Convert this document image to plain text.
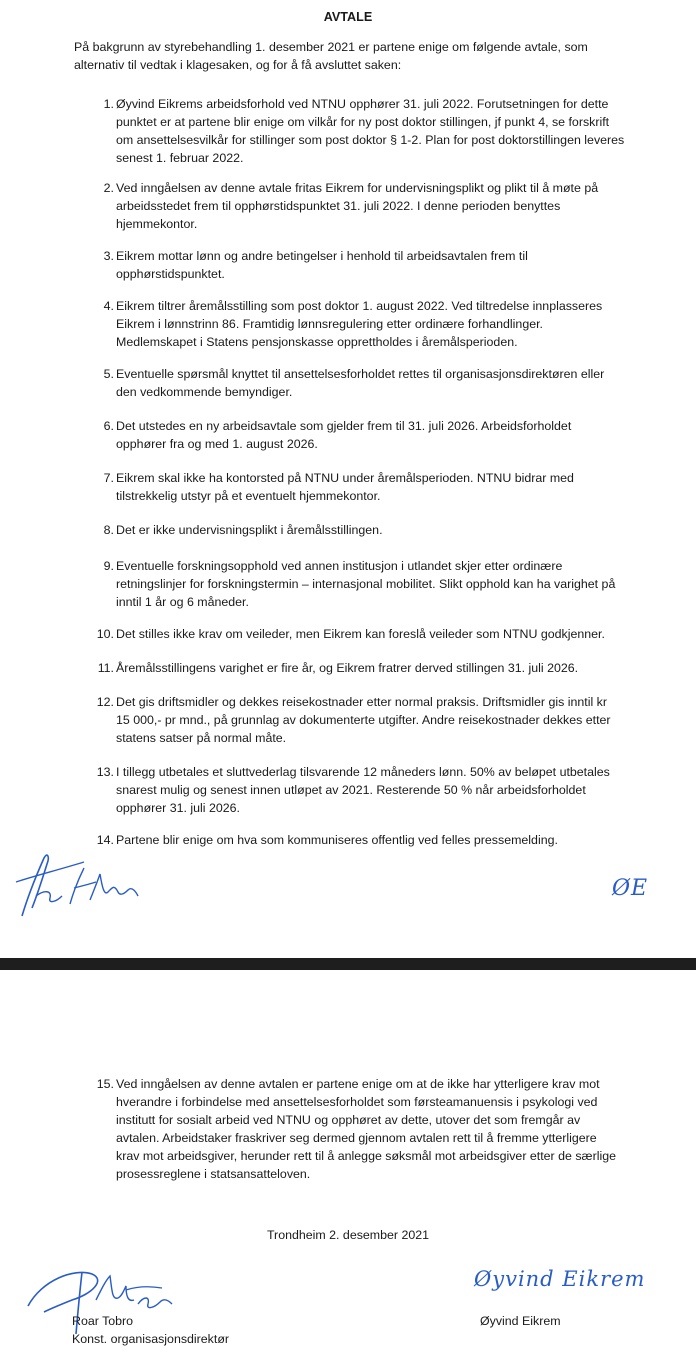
AVTALE
På bakgrunn av styrebehandling 1. desember 2021 er partene enige om følgende avtale, som alternativ til vedtak i klagesaken, og for å få avsluttet saken:
1. Øyvind Eikrems arbeidsforhold ved NTNU opphører 31. juli 2022. Forutsetningen for dette
punktet er at partene blir enige om vilkår for ny post doktor stillingen, jf punkt 4, se forskrift
om ansettelsesvilkår for stillinger som post doktor § 1-2. Plan for post doktorstillingen leveres
senest 1. februar 2022.
2. Ved inngåelsen av denne avtale fritas Eikrem for undervisningsplikt og plikt til å møte på
arbeidsstedet frem til opphørstidspunktet 31. juli 2022. I denne perioden benyttes
hjemmekontor.
3. Eikrem mottar lønn og andre betingelser i henhold til arbeidsavtalen frem til
opphørstidspunktet.
4. Eikrem tiltrer åremålsstilling som post doktor 1. august 2022. Ved tiltredelse innplasseres
Eikrem i lønnstrinn 86. Framtidig lønnsregulering etter ordinære forhandlinger.
Medlemskapet i Statens pensjonskasse opprettholdes i åremålsperioden.
5. Eventuelle spørsmål knyttet til ansettelsesforholdet rettes til organisasjonsdirektøren eller
den vedkommende bemyndiger.
6. Det utstedes en ny arbeidsavtale som gjelder frem til 31. juli 2026. Arbeidsforholdet
opphører fra og med 1. august 2026.
7. Eikrem skal ikke ha kontorsted på NTNU under åremålsperioden. NTNU bidrar med
tilstrekkelig utstyr på et eventuelt hjemmekontor.
8. Det er ikke undervisningsplikt i åremålsstillingen.
9. Eventuelle forskningsopphold ved annen institusjon i utlandet skjer etter ordinære
retningslinjer for forskningstermin – internasjonal mobilitet. Slikt opphold kan ha varighet på
inntil 1 år og 6 måneder.
10. Det stilles ikke krav om veileder, men Eikrem kan foreslå veileder som NTNU godkjenner.
11. Åremålsstillingens varighet er fire år, og Eikrem fratrer derved stillingen 31. juli 2026.
12. Det gis driftsmidler og dekkes reisekostnader etter normal praksis. Driftsmidler gis inntil kr
15 000,- pr mnd., på grunnlag av dokumenterte utgifter. Andre reisekostnader dekkes etter
statens satser på normal måte.
13. I tillegg utbetales et sluttvederlag tilsvarende 12 måneders lønn. 50% av beløpet utbetales
snarest mulig og senest innen utløpet av 2021. Resterende 50 % når arbeidsforholdet
opphører 31. juli 2026.
14. Partene blir enige om hva som kommuniseres offentlig ved felles pressemelding.
ØE
15. Ved inngåelsen av denne avtalen er partene enige om at de ikke har ytterligere krav mot
hverandre i forbindelse med ansettelsesforholdet som førsteamanuensis i psykologi ved
institutt for sosialt arbeid ved NTNU og opphøret av dette, utover det som fremgår av
avtalen. Arbeidstaker fraskriver seg dermed gjennom avtalen rett til å fremme ytterligere
krav mot arbeidsgiver, herunder rett til å anlegge søksmål mot arbeidsgiver etter de særlige
prosessreglene i statsansatteloven.
Trondheim 2. desember 2021
Roar Tobro
Konst. organisasjonsdirektør
Øyvind Eikrem
Øyvind Eikrem
